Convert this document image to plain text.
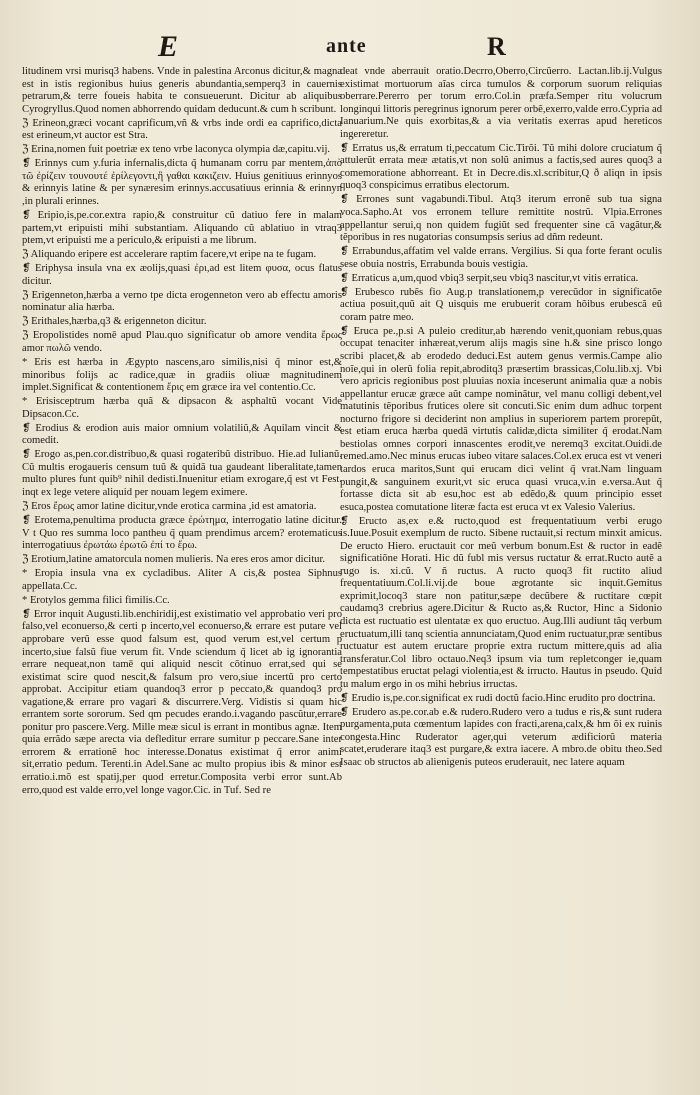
E	ante	R

litudinem vrsi murisq3 habens. Vnde in palestina Arconus dicitur,& magna est in istis regionibus huius generis abundantia,semperq3 in cauernis petrarum,& terre foueis habita te consueuerunt. Dicitur ab aliquibus Cyrogryllus.Quod nomen abhorrendo quidam deducunt.& cum h scribunt.

ℨ Erineon,græci vocant caprificum,vñ & vrbs inde ordi ea caprifico,dicta est erineum,vt auctor est Stra.

ℨ Erina,nomen fuit poetriæ ex teno vrbe laconyca olympia dæ,capitu.vij.

❡ Erinnys cum y.furia infernalis,dicta q̃ humanam corru par mentem,ἀπὸ τῶ ἐρίζειν τουνουτέ ἐρίλεγοντι,ἢ γαθαι κακιζειν. Huius genitiuus erinnyos & erinnyis latine & per synæresim erinnys.accusatiuus erinnia & erinnyn ,in plurali erinnes.

❡ Eripio,is,pe.cor.extra rapio,& construitur cũ datiuo fere in malam partem,vt eripuisti mihi substantiam. Aliquando cũ ablatiuo in vtraq3 ptem,vt eripuisti me a periculo,& eripuisti a me librum.

ℨ Aliquando eripere est accelerare raptim facere,vt eripe na te fugam.

❡ Eriphysa insula vna ex æolijs,quasi ἐρι,ad est litem φυσα, ocus flatus dicitur.

ℨ Erigenneton,hærba a verno tpe dicta erogenneton vero ab effectu amoris nominatur alia hærba.

ℨ Erithales,hærba,q3 & erigenneton dicitur.

ℨ Eropolistides nomē apud Plau.quo significatur ob amore vendita ἔρως amor πωλῶ vendo.

* Eris est hærba in Ægypto nascens,aro similis,nisi q̃ minor est,& minoribus folijs ac radice,quæ in gradiis oliuæ magnitudinem implet.Significat & contentionem ἔρις em græce ira vel contentio.Cc.

* Erisisceptrum hærba quã & dipsacon & asphaltũ vocant Vide Dipsacon.Cc.

❡ Erodius & erodion auis maior omnium volatiliũ,& Aquilam vincit & comedit.

❡ Erogo as,pen.cor.distribuo,& quasi rogateribũ distribuo. Hie.ad Iulianũ. Cũ multis erogaueris censum tuũ & quidã tua gaudeant liberalitate,tamen multo plures funt quib⁹ nihil dedisti.Inuenitur etiam exrogare,q̃ est vt Fest. inqt ex lege vetere aliquid per nouam legem eximere.

ℨ Eros ἔρως amor latine dicitur,vnde erotica carmina ,id est amatoria.

❡ Erotema,penultima producta græce ἐρώτημα, interrogatio latine dicitur. V t Quo res summa loco pantheu q̃ quam prendimus arcem? erotematicus interrogatiuus ἐρωτάω ἐρωτῶ ἐπί το ἔρω.

ℨ Erotium,latine amatorcula nomen mulieris. Na eres eros amor dicitur.

* Eropia insula vna ex cycladibus. Aliter A cis,& postea Siphnus appellata.Cc.

* Erotylos gemma filici fimilis.Cc.

❡ Error inquit Augusti.lib.enchiridij,est existimatio vel approbatio veri pro falso,vel econuerso,& certi p incerto,vel econuerso,& errare est putare vel approbare verũ esse quod falsum est, quod verum est,vel certum p incerto,siue falsũ fiue verum fit. Vnde sciendum q̃ licet ab ig ignorantia errare nequeat,non tamē qui aliquid nescit cõtinuo errat,sed qui se existimat scire quod nescit,& falsum pro vero,siue incertũ pro certo approbat. Accipitur etiam quandoq3 error p peccato,& quandoq3 pro vagatione,& errare pro vagari & discurrere.Verg. Vidistis si quam hic errantem sorte sororum. Sed qm pecudes erando.i.vagando pascũtur,errare ponitur pro pascere.Verg. Mille meæ sicul is errant in montibus agnæ. Item quia errãdo sæpe arecta via defleditur errare sumitur p peccare.Sane inter errorem & errationẽ hoc interesse.Donatus existimat q̃ error animi sit,erratio pedum. Terenti.in Adel.Sane ac multo propius ibis & minor est erratio.i.mõ est spatij,per quod erretur.Composita verbi error sunt.Ab erro,quod est valde erro,vel longe vagor.Cic. in Tuf. Sed re

deat vnde aberrauit oratio.Decrro,Oberro,Circũerro. Lactan.lib.ij.Vulgus existimat mortuorum aĩas circa tumulos & corporum suorum reliquias oberrare.Pererro per torum erro.Col.in præfa.Semper ritu volucrum longinqui littoris peregrinus ignorum perer orbẽ,exerro,valde erro.Cypria ad Ianuarium.Ne quis exorbitas,& a via veritatis exerras apud hereticos ingereretur.

❡ Erratus us,& erratum ti,peccatum Cic.Tirõi. Tũ mihi dolore cruciatum q̃ attulerũt errata meæ ætatis,vt non solũ animus a factis,sed aures quoq3 a comemoratione abhorreant. Et in Decre.dis.xl.scribitur,Q ð aliqn in ipsis quoq3 conspicimus erratibus electorum.

❡ Errones sunt vagabundi.Tibul. Atq3 iterum erronẽ sub tua signa voca.Sapho.At vos erronem tellure remittite nostrũ. Vlpia.Errones appellantur serui,q non quidem fugiũt sed frequenter sine cã vagãtur,& tẽporibus in res nugatorias consumpsis serius ad dñm redeunt.

❡ Errabundus,affatim vel valde errans. Vergilius. Si qua forte ferant oculis sese obuia nostris, Errabunda bouis vestigia.

❡ Erraticus a,um,quod vbiq3 serpit,seu vbiq3 nascitur,vt vitis erratica.

❡ Erubesco rubẽs fio Aug.p translationem,p verecũdor in significatõe actiua posuit,quũ ait Q uisquis me erubuerit coram hõibus erubescã eũ coram patre meo.

❡ Eruca pe.,p.si A puleio creditur,ab hærendo venit,quoniam rebus,quas occupat tenaciter inhæreat,verum alijs magis sine h.& sine prisco longo scribi placet,& ab erodedo deduci.Est autem genus vermis.Campe alio noĩe,qui in olerũ folia repit,abroditq3 præsertim brassicas,Colu.lib.xj. Vbi vero apricis regionibus post pluuias noxia inceserunt animalia quæ a nobis appellantur erucæ græce aũt campe nominãtur, vel manu colligi debent,vel matutinis tẽporibus frutices olere sit concuti.Sic enim dum adhuc torpent nocturno frigore si deciderint non amplius in superiorem partem prorepũt, est etiam eruca hærba quedã virtutis calidæ,dicta similiter q̃ erodat.Nam bestiolas omnes corpori innascentes erodit,ve neremq3 excitat.Ouidi.de remed.amo.Nec minus erucas iubeo vitare salaces.Col.ex eruca est vt veneri tardos eruca maritos,Sunt qui erucam dici velint q̃ vrat.Nam linguam pungit,& sanguinem exurit,vt sic eruca quasi vruca,v.in e.versa.Aut q̃ fortasse dicta sit ab esu,hoc est ab edẽdo,& quum principio esset esuca,postea comutatione literæ facta est eruca vt ex Valesio Valerius.

❡ Eructo as,ex e.& ructo,quod est frequentatiuum verbi erugo is.Iuue.Posuit exemplum de ructo. Sibene ructauit,si rectum minxit amicus. De eructo Hiero. eructauit cor meũ verbum bonum.Est & ructor in eadẽ significatiõne Horati. Hic dũ fubl mis versus ructatur & errat.Ructo autẽ a rugo is. xi.cũ. V ñ ructus. A ructo quoq3 fit ructito aliud frequentatiuum.Col.li.vij.de boue ægrotante sic inquit.Gemitus exprimit,locoq3 stare non patitur,sæpe decũbere & ructitare cœpit caudamq3 crebrius agere.Dicitur & Ructo as,& Ructor, Hinc a Sidonio dicta est ructuatio est ulentatæ ex quo eructuo. Aug.Illi audiunt tãq verbum eructuatum,illi tanq scientia annunciatam,Quod enim ructuatur,præ sentibus ructuatur est autem eructare proprie extra ructum mittere,quis ad alia transferatur.Col libro octauo.Neq3 ipsum via tum repletconger ie,quam tempestatibus eructat pelagi violentia,est & irructo. Hautus in pseudo. Quid tu malum ergo in os mihi hebrius irructas.

❡ Erudio is,pe.cor.significat ex rudi doctũ facio.Hinc erudito pro doctrina.

❡ Erudero as.pe.cor.ab e.& rudero.Rudero vero a tudus e ris,& sunt rudera purgamenta,puta cœmentum lapides con fracti,arena,calx,& hm õi ex ruinis congesta.Hinc Ruderator ager,qui veterum ædificiorũ materia scatet,eruderare itaq3 est purgare,& extra iacere. A mbro.de obitu theo.Sed Isaac ob structos ab alienigenis puteos eruderauit, nec latere aquam
